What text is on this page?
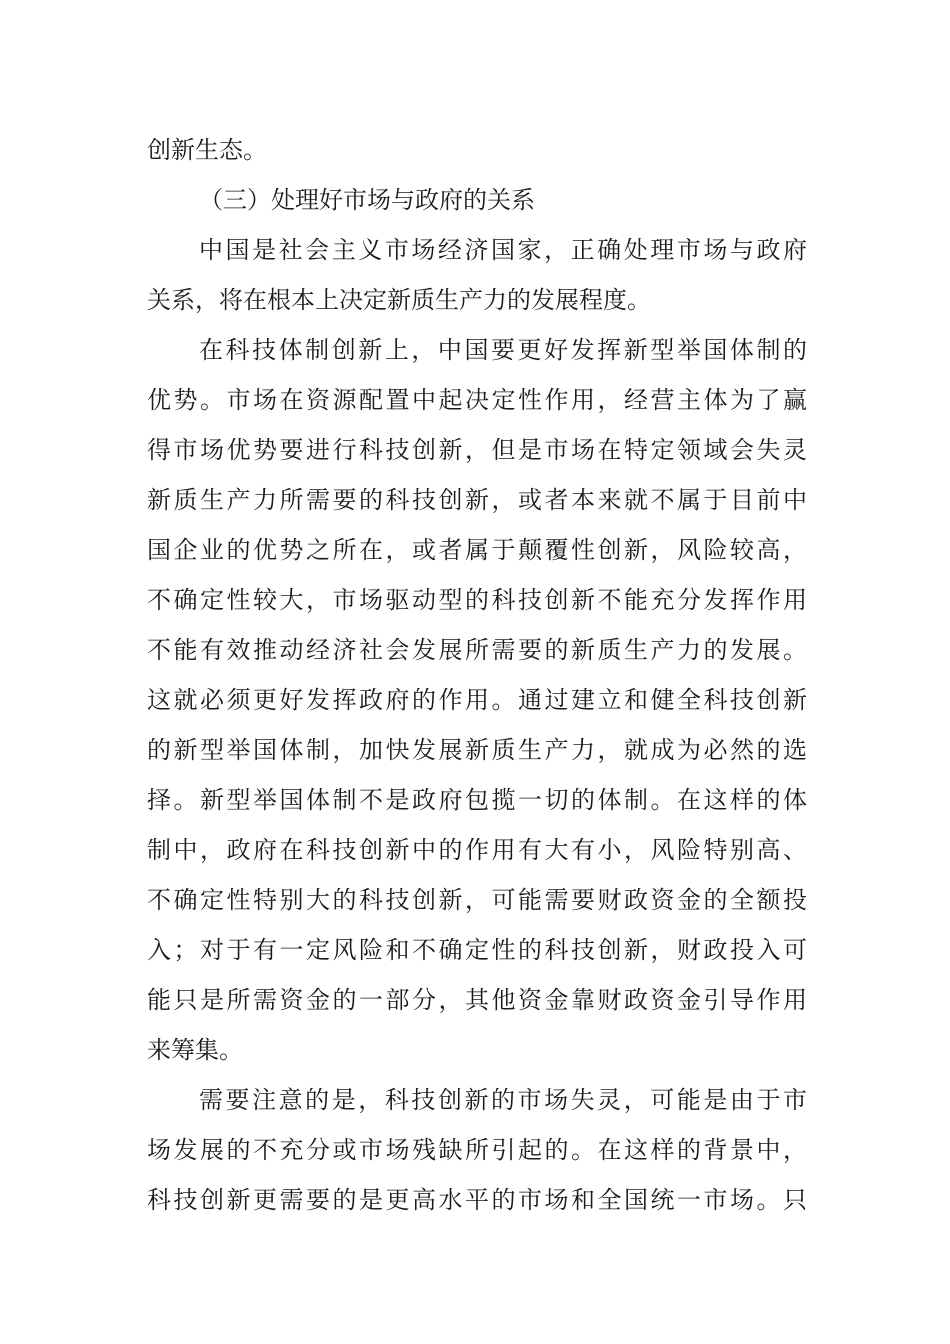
创新生态。
（三）处理好市场与政府的关系
中国是社会主义市场经济国家，正确处理市场与政府
关系，将在根本上决定新质生产力的发展程度。
在科技体制创新上，中国要更好发挥新型举国体制的
优势。市场在资源配置中起决定性作用，经营主体为了赢
得市场优势要进行科技创新，但是市场在特定领域会失灵
新质生产力所需要的科技创新，或者本来就不属于目前中
国企业的优势之所在，或者属于颠覆性创新，风险较高，
不确定性较大，市场驱动型的科技创新不能充分发挥作用
不能有效推动经济社会发展所需要的新质生产力的发展。
这就必须更好发挥政府的作用。通过建立和健全科技创新
的新型举国体制，加快发展新质生产力，就成为必然的选
择。新型举国体制不是政府包揽一切的体制。在这样的体
制中，政府在科技创新中的作用有大有小，风险特别高、
不确定性特别大的科技创新，可能需要财政资金的全额投
入；对于有一定风险和不确定性的科技创新，财政投入可
能只是所需资金的一部分，其他资金靠财政资金引导作用
来筹集。
需要注意的是，科技创新的市场失灵，可能是由于市
场发展的不充分或市场残缺所引起的。在这样的背景中，
科技创新更需要的是更高水平的市场和全国统一市场。只
